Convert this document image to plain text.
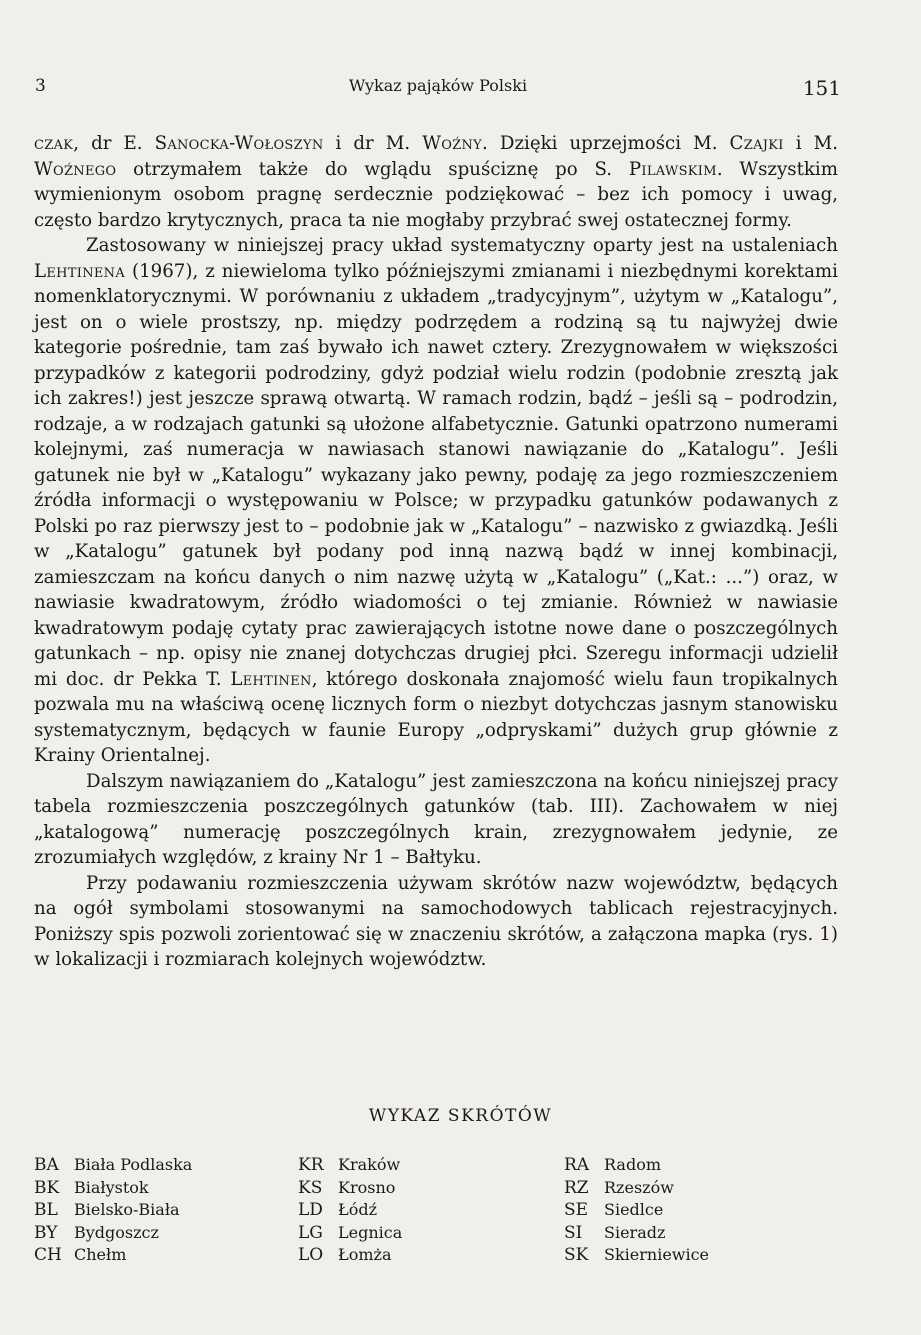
3	Wykaz pająków Polski	151

czak, dr E. Sanocka-Wołoszyn i dr M. Woźny. Dzięki uprzejmości M. Czajki i M. Woźnego otrzymałem także do wglądu spuściznę po S. Pilawskim. Wszystkim wymienionym osobom pragnę serdecznie podziękować – bez ich pomocy i uwag, często bardzo krytycznych, praca ta nie mogłaby przybrać swej ostatecznej formy.

Zastosowany w niniejszej pracy układ systematyczny oparty jest na ustaleniach Lehtinena (1967), z niewieloma tylko późniejszymi zmianami i niezbędnymi korektami nomenklatorycznymi. W porównaniu z układem „tradycyjnym”, użytym w „Katalogu”, jest on o wiele prostszy, np. między podrzędem a rodziną są tu najwyżej dwie kategorie pośrednie, tam zaś bywało ich nawet cztery. Zrezygnowałem w większości przypadków z kategorii podrodziny, gdyż podział wielu rodzin (podobnie zresztą jak ich zakres!) jest jeszcze sprawą otwartą. W ramach rodzin, bądź – jeśli są – podrodzin, rodzaje, a w rodzajach gatunki są ułożone alfabetycznie. Gatunki opatrzono numerami kolejnymi, zaś numeracja w nawiasach stanowi nawiązanie do „Katalogu”. Jeśli gatunek nie był w „Katalogu” wykazany jako pewny, podaję za jego rozmieszczeniem źródła informacji o występowaniu w Polsce; w przypadku gatunków podawanych z Polski po raz pierwszy jest to – podobnie jak w „Katalogu” – nazwisko z gwiazdką. Jeśli w „Katalogu” gatunek był podany pod inną nazwą bądź w innej kombinacji, zamieszczam na końcu danych o nim nazwę użytą w „Katalogu” („Kat.: ...”) oraz, w nawiasie kwadratowym, źródło wiadomości o tej zmianie. Również w nawiasie kwadratowym podaję cytaty prac zawierających istotne nowe dane o poszczególnych gatunkach – np. opisy nie znanej dotychczas drugiej płci. Szeregu informacji udzielił mi doc. dr Pekka T. Lehtinen, którego doskonała znajomość wielu faun tropikalnych pozwala mu na właściwą ocenę licznych form o niezbyt dotychczas jasnym stanowisku systematycznym, będących w faunie Europy „odpryskami” dużych grup głównie z Krainy Orientalnej.

Dalszym nawiązaniem do „Katalogu” jest zamieszczona na końcu niniejszej pracy tabela rozmieszczenia poszczególnych gatunków (tab. III). Zachowałem w niej „katalogową” numerację poszczególnych krain, zrezygnowałem jedynie, ze zrozumiałych względów, z krainy Nr 1 – Bałtyku.

Przy podawaniu rozmieszczenia używam skrótów nazw województw, będących na ogół symbolami stosowanymi na samochodowych tablicach rejestracyjnych. Poniższy spis pozwoli zorientować się w znaczeniu skrótów, a załączona mapka (rys. 1) w lokalizacji i rozmiarach kolejnych województw.

WYKAZ SKRÓTÓW
BA Biała Podlaska
BK Białystok
BL Bielsko-Biała
BY Bydgoszcz
CH Chełm
KR Kraków
KS Krosno
LD Łódź
LG Legnica
LO Łomża
RA Radom
RZ Rzeszów
SE Siedlce
SI Sieradz
SK Skierniewice
